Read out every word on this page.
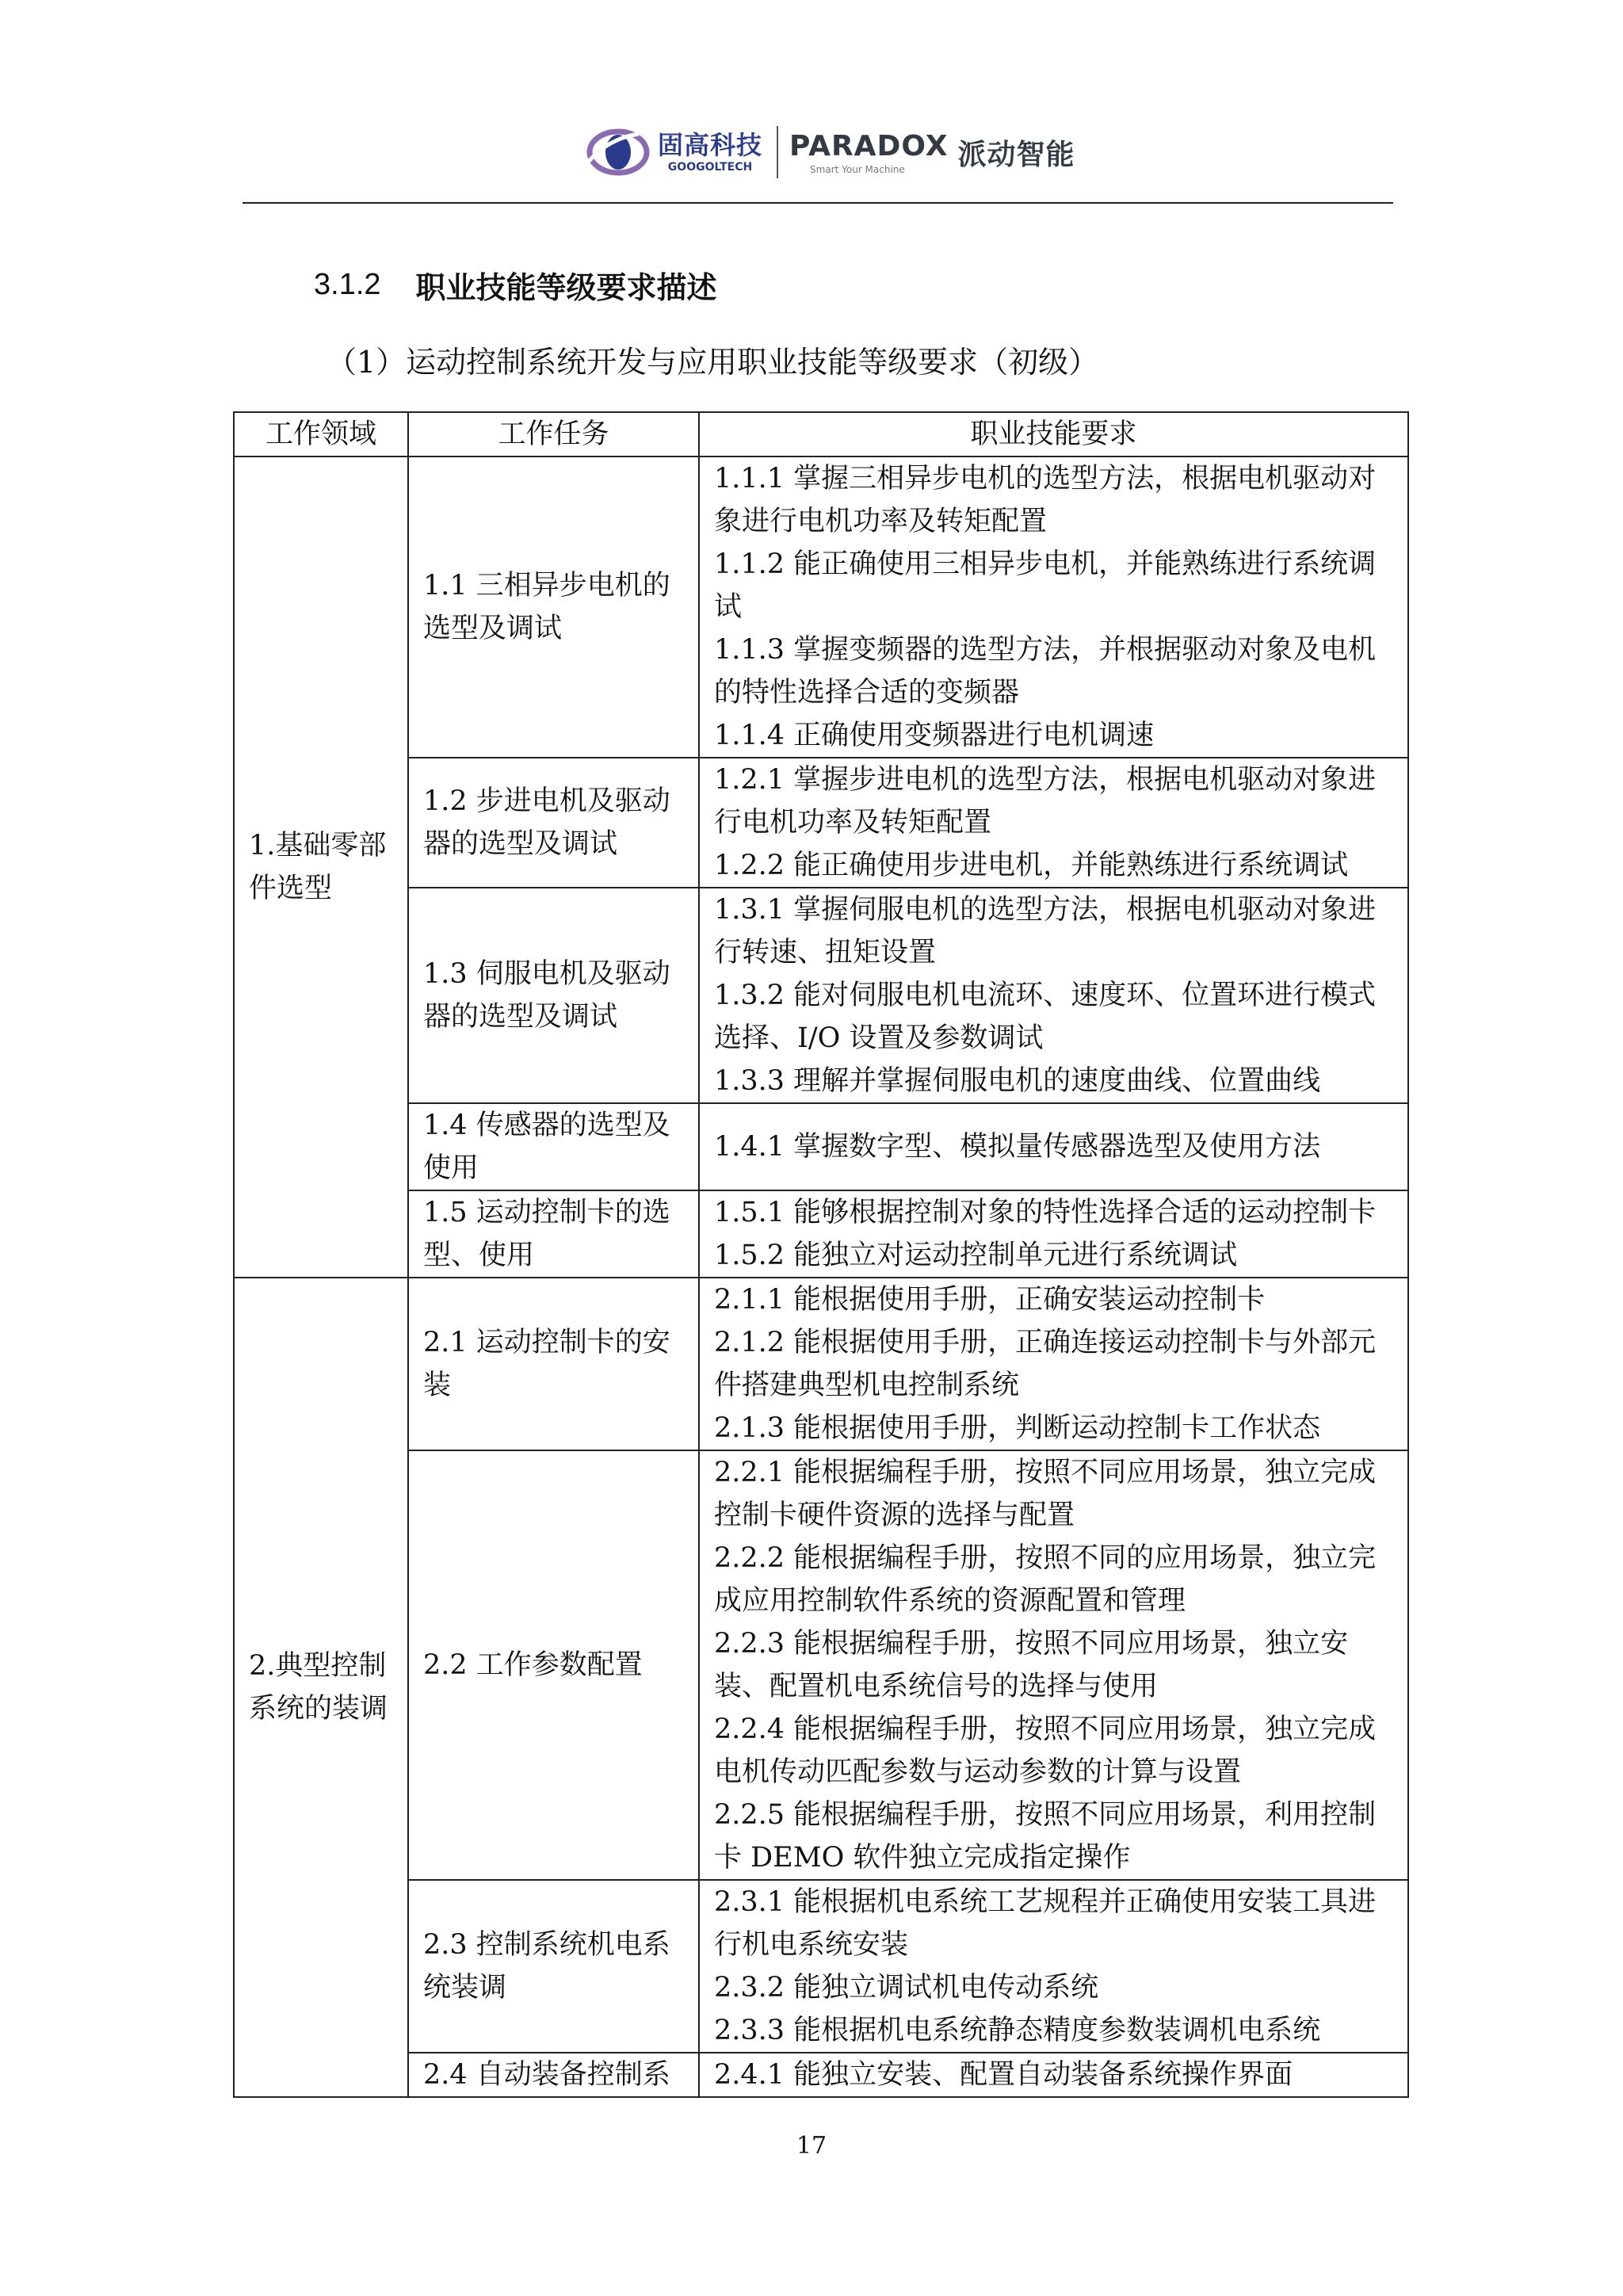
固高科技
GOOGOLTECH
PARADOX
Smart Your Machine	派动智能
3.1.2 职业技能等级要求描述
（1）运动控制系统开发与应用职业技能等级要求（初级）
工作领域	工作任务	职业技能要求
1.基础零部件选型	1.1 三相异步电机的选型及调试	1.1.1 掌握三相异步电机的选型方法，根据电机驱动对象进行电机功率及转矩配置
1.1.2 能正确使用三相异步电机，并能熟练进行系统调试
1.1.3 掌握变频器的选型方法，并根据驱动对象及电机的特性选择合适的变频器
1.1.4 正确使用变频器进行电机调速

	1.2 步进电机及驱动器的选型及调试	1.2.1 掌握步进电机的选型方法，根据电机驱动对象进行电机功率及转矩配置
1.2.2 能正确使用步进电机，并能熟练进行系统调试

	1.3 伺服电机及驱动器的选型及调试	1.3.1 掌握伺服电机的选型方法，根据电机驱动对象进行转速、扭矩设置
1.3.2 能对伺服电机电流环、速度环、位置环进行模式选择、I/O 设置及参数调试
1.3.3 理解并掌握伺服电机的速度曲线、位置曲线

	1.4 传感器的选型及使用	1.4.1 掌握数字型、模拟量传感器选型及使用方法

	1.5 运动控制卡的选型、使用	1.5.1 能够根据控制对象的特性选择合适的运动控制卡
1.5.2 能独立对运动控制单元进行系统调试

2.典型控制系统的装调	2.1 运动控制卡的安装	2.1.1 能根据使用手册，正确安装运动控制卡
2.1.2 能根据使用手册，正确连接运动控制卡与外部元件搭建典型机电控制系统
2.1.3 能根据使用手册，判断运动控制卡工作状态

	2.2 工作参数配置	2.2.1 能根据编程手册，按照不同应用场景，独立完成控制卡硬件资源的选择与配置
2.2.2 能根据编程手册，按照不同的应用场景，独立完成应用控制软件系统的资源配置和管理
2.2.3 能根据编程手册，按照不同应用场景，独立安装、配置机电系统信号的选择与使用
2.2.4 能根据编程手册，按照不同应用场景，独立完成电机传动匹配参数与运动参数的计算与设置
2.2.5 能根据编程手册，按照不同应用场景，利用控制卡 DEMO 软件独立完成指定操作

	2.3 控制系统机电系统装调	2.3.1 能根据机电系统工艺规程并正确使用安装工具进行机电系统安装
2.3.2 能独立调试机电传动系统
2.3.3 能根据机电系统静态精度参数装调机电系统

	2.4 自动装备控制系	2.4.1 能独立安装、配置自动装备系统操作界面
17
